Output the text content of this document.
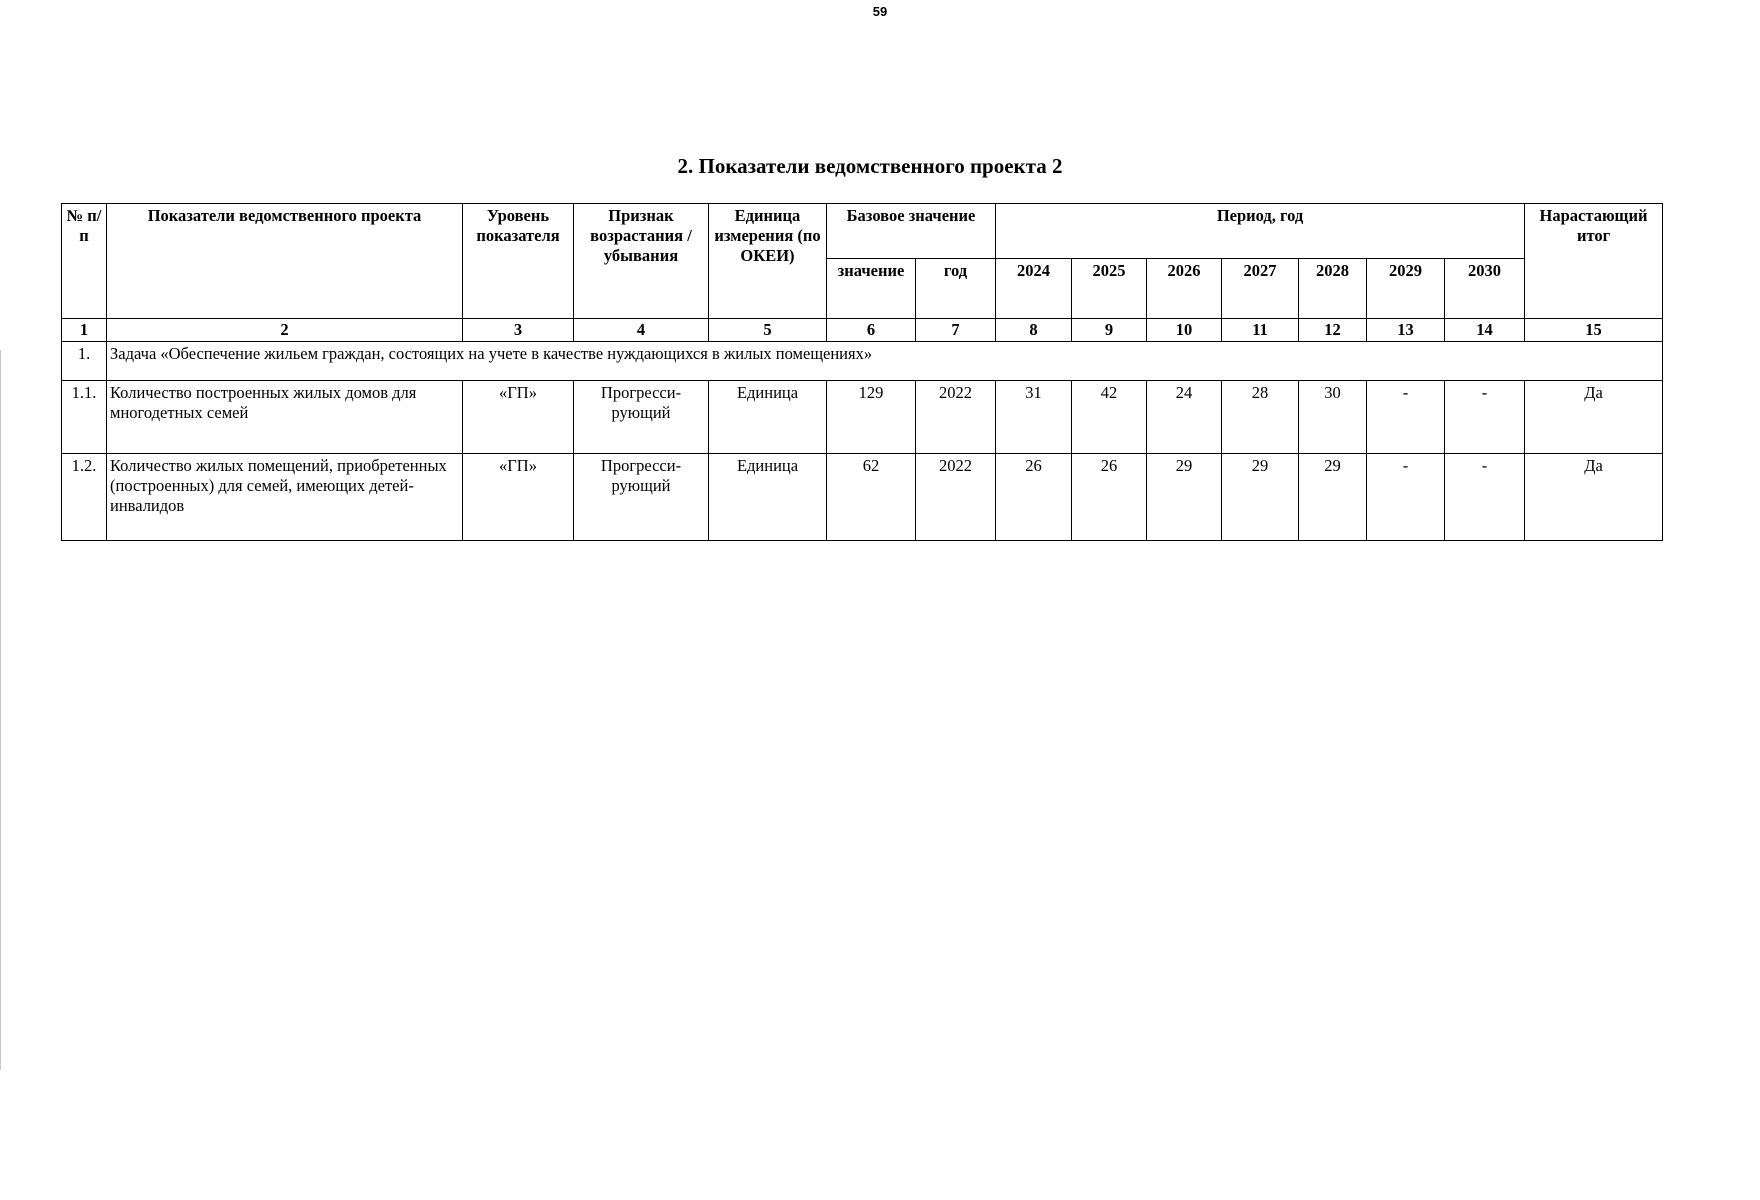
59
2. Показатели ведомственного проекта 2
№ п/п	Показатели ведомственного проекта	Уровень показателя	Признак возрастания / убывания	Единица измерения (по ОКЕИ)	Базовое значение		Период, год							Нарастающий итог
					значение	год	2024	2025	2026	2027	2028	2029	2030	
1	2	3	4	5	6	7	8	9	10	11	12	13	14	15
1.	Задача «Обеспечение жильем граждан, состоящих на учете в качестве нуждающихся в жилых помещениях»													
1.1.	Количество построенных жилых домов для многодетных семей	«ГП»	Прогресси-рующий	Единица	129	2022	31	42	24	28	30	-	-	Да
1.2.	Количество жилых помещений, приобретенных (построенных) для семей, имеющих детей-инвалидов	«ГП»	Прогресси-рующий	Единица	62	2022	26	26	29	29	29	-	-	Да
